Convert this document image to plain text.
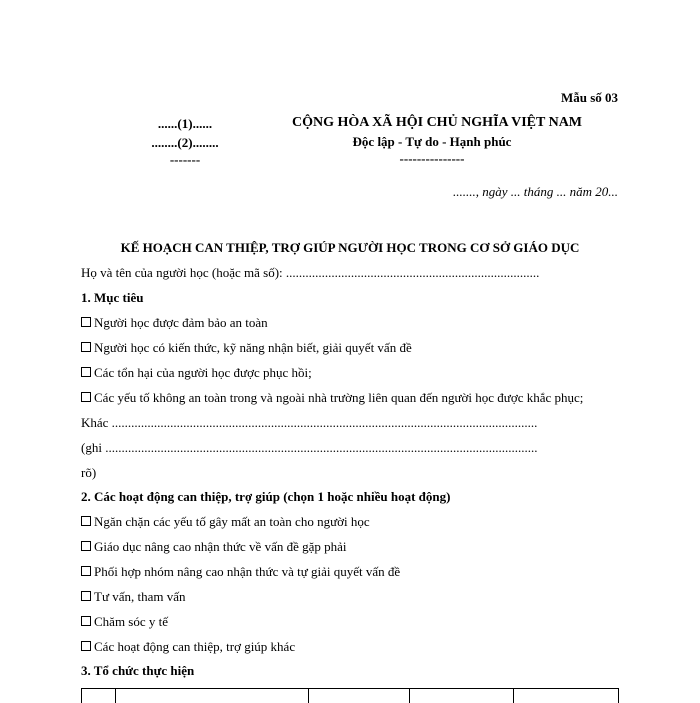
Mẫu số 03
......(1)......
........(2)........
-------
CỘNG HÒA XÃ HỘI CHỦ NGHĨA VIỆT NAM
Độc lập - Tự do - Hạnh phúc
---------------
......., ngày ... tháng ... năm 20...
KẾ HOẠCH CAN THIỆP, TRỢ GIÚP NGƯỜI HỌC TRONG CƠ SỞ GIÁO DỤC
Họ và tên của người học (hoặc mã số): ..............................................................................
1. Mục tiêu
Người học được đảm bảo an toàn
Người học có kiến thức, kỹ năng nhận biết, giải quyết vấn đề
Các tổn hại của người học được phục hồi;
Các yếu tố không an toàn trong và ngoài nhà trường liên quan đến người học được khắc phục;
Khác ...................................................................................................................................
(ghi .....................................................................................................................................
rõ)
2. Các hoạt động can thiệp, trợ giúp (chọn 1 hoặc nhiều hoạt động)
Ngăn chặn các yếu tố gây mất an toàn cho người học
Giáo dục nâng cao nhận thức về vấn đề gặp phải
Phối hợp nhóm nâng cao nhận thức và tự giải quyết vấn đề
Tư vấn, tham vấn
Chăm sóc y tế
Các hoạt động can thiệp, trợ giúp khác
3. Tổ chức thực hiện
